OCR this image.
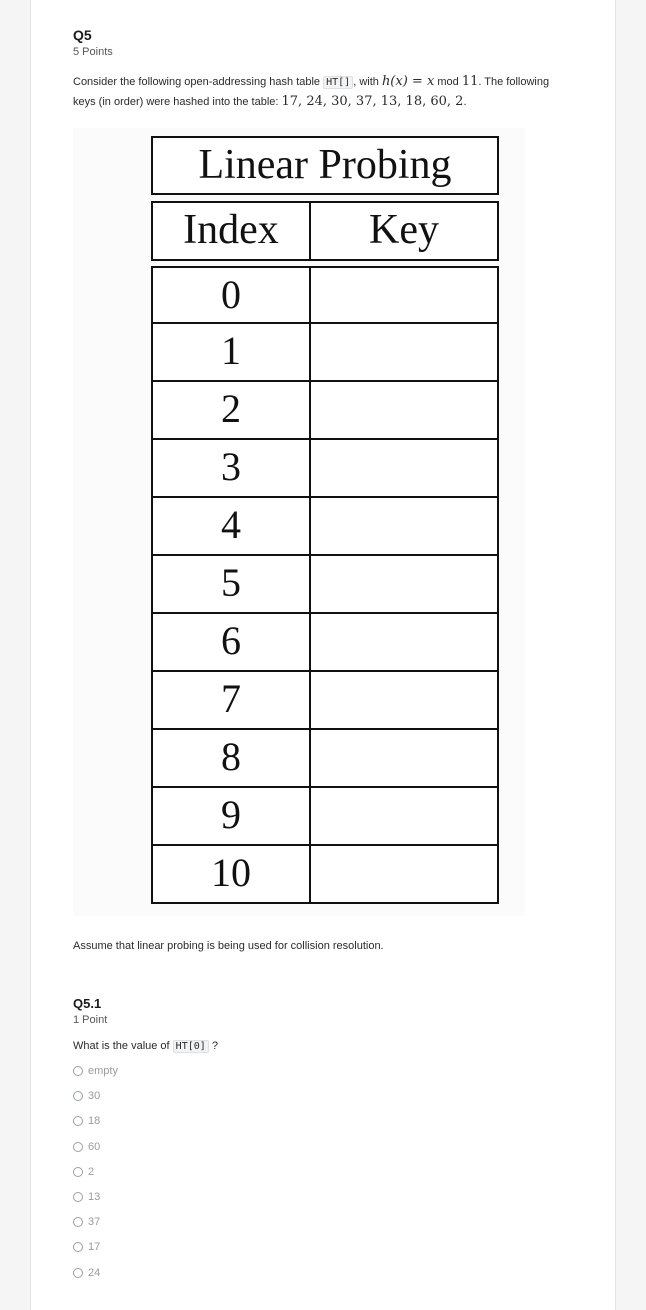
Q5
5 Points
Consider the following open-addressing hash table HT[] , with h(x) = x mod 11. The following keys (in order) were hashed into the table: 17, 24, 30, 37, 13, 18, 60, 2.
Linear Probing
Index	Key
0
1
2
3
4
5
6
7
8
9
10
Assume that linear probing is being used for collision resolution.
Q5.1
1 Point
What is the value of HT[0] ?
empty
30
18
60
2
13
37
17
24
